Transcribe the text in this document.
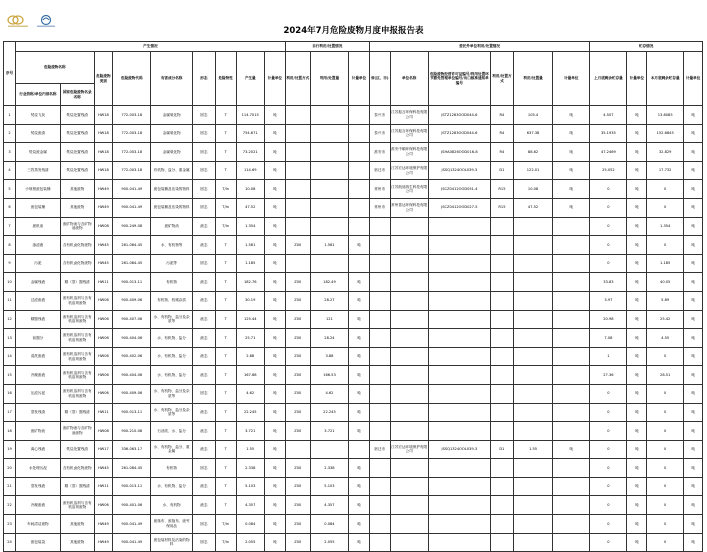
2024年7月危险废物月度申报报告表
序号	产生情况									自行利用/处置情况			委托外单位利用/处置情况						贮存情况			
	危险废物名称		危险废物类别	危险废物代码	有害成分名称	形态	危险特性	产生量	计量单位	利用/处置方式	利用/处置量	计量单位	省(区、市)	单位名称	危险废物经营许可证编号/利用处置环节豁免管理单位编号/出口核准通知单编号	利用/处置方式	利用/处置量	计量单位	上月底剩余贮存量	计量单位	本月底剩余贮存量	计量单位
	行业俗称/单位内部名称	国家危险废物名录名称																				
1	焚烧飞灰	焚烧处置残渣	HW18	772-003-18	金属氧化物	固态	T	114.7015	吨				泰兴市	江苏振言环保科技有限公司	JSTZ1283OOD044-6	R4	105.4	吨	4.507	吨	13.8085	吨
2	焚烧废渣	焚烧处置残渣	HW18	772-003-18	金属氧化物	固态	T	754.671	吨				泰兴市	江苏振言环保科技有限公司	JSTZ1283OOD044-6	R4	637.38	吨	35.1935	吨	152.6845	吨
3	焚烧废金属	焚烧处置残渣	HW18	772-003-18	金属氧化物	固态	T	73.2021	吨				淮安市	淮安中顺环保科技有限公司	JSHA0826OOD016-8	R4	88.62	吨	47.2469	吨	32.829	吨
4	三效蒸发残渣	焚烧处置残渣	HW18	772-003-18	有机物、盐分、重金属	固态	T	114.69	吨				宿迁市	江苏宏达环境保护有限公司	JSSQ1324OOL039-3	D1	122.01	吨	25.052	吨	17.732	吨
5	小规格废包装桶	其他废物	HW49	900-041-49	废包装桶及沾染的物料	固态	T/In	10.08	吨				常州市	江苏航迪再生科技有限公司	JSCZ0412OOD051-4	R15	10.08	吨	0	吨	0	吨
6	废包装桶	其他废物	HW49	900-041-49	废包装桶及沾染的物料	固态	T/In	47.52	吨				常州市	常州普达环保科技有限公司	JSCZ0412OOD027-5	R15	47.52	吨	0	吨	0	吨
7	废机油	废矿物油与含矿物油废物	HW08	900-249-08	废矿物油	液态	T/In	1.354	吨										0	吨	1.354	吨
8	渗滤液	含有机卤化物废物	HW45	261-084-45	水、有机物等	液态	T	1.581	吨	Z00	1.581	吨							0	吨	0	吨
9	污泥	含有机卤化物废物	HW45	261-084-45	污泥等	固态	T	1.185	吨										0	吨	1.185	吨
10	金属残液	精（蒸）馏残渣	HW11	900-013-11	有机物	液态	T	182.76	吨	Z00	182.49	吨							33.83	吨	40.05	吨
11	过滤废液	废有机溶剂与含有机溶剂废物	HW06	900-409-06	有机物、机械杂质	液态	T	30.19	吨	Z00	28.27	吨							3.97	吨	5.89	吨
12	精馏残液	废有机溶剂与含有机溶剂废物	HW06	900-407-06	水、有机物、盐分及杂质等	液态	T	125.44	吨	Z00	121	吨							20.98	吨	25.42	吨
13	前馏分	废有机溶剂与含有机溶剂废物	HW06	900-404-06	水、有机物、盐分	液态	T	25.71	吨	Z00	28.24	吨							7.08	吨	4.55	吨
14	清洗废液	废有机溶剂与含有机溶剂废物	HW06	900-402-06	水、有机物、盐分	液态	T	2.88	吨	Z00	3.88	吨							1	吨	0	吨
15	冷凝废液	废有机溶剂与含有机溶剂废物	HW06	900-404-06	水、有机物、盐分	液态	T	167.68	吨	Z00	166.53	吨							27.36	吨	28.51	吨
16	压滤污泥	废有机溶剂与含有机溶剂废物	HW06	900-409-06	水、有机物、盐分及杂质等	固态	T	4.62	吨	Z00	4.62	吨							0	吨	0	吨
17	蒸发残渣	精（蒸）馏残渣	HW11	900-013-11	水、有机物、盐分及杂质等	液态	T	22.245	吨	Z00	22.245	吨							0	吨	0	吨
18	废矿物油	废矿物油与含矿物油废物	HW08	900-210-08	石油类、水、盐分	液态	T	3.721	吨	Z00	3.721	吨							0	吨	0	吨
19	离心残液	焚烧处置残渣	HW17	336-063-17	水、有机物、盐分、重金属	液态	T	1.55	吨				宿迁市	江苏宏达环境保护有限公司	JSSQ1324OOL039-3	D1	1.55	吨	0	吨	0	吨
20	水处理污泥	含有机卤化物废物	HW45	261-084-45	有机物	固态	T	2.338	吨	Z00	2.338	吨							0	吨	0	吨
21	蒸发残液	精（蒸）馏残渣	HW11	900-013-11	水、有机物、盐分	液态	T	5.103	吨	Z00	5.103	吨							0	吨	0	吨
22	冷凝废液	废有机溶剂与含有机溶剂废物	HW06	900-401-06	水、有机物	液态	T	4.357	吨	Z00	4.357	吨							0	吨	0	吨
23	车间清洁废物	其他废物	HW49	900-041-49	废抹布、废拖布、废劳保用品	固态	T/In	0.084	吨	Z00	0.084	吨							0	吨	0	吨
24	废包装袋	其他废物	HW49	900-041-49	废包装材料及沾染的物料	固态	T/In	2.055	吨	Z00	2.055	吨							0	吨	0	吨
